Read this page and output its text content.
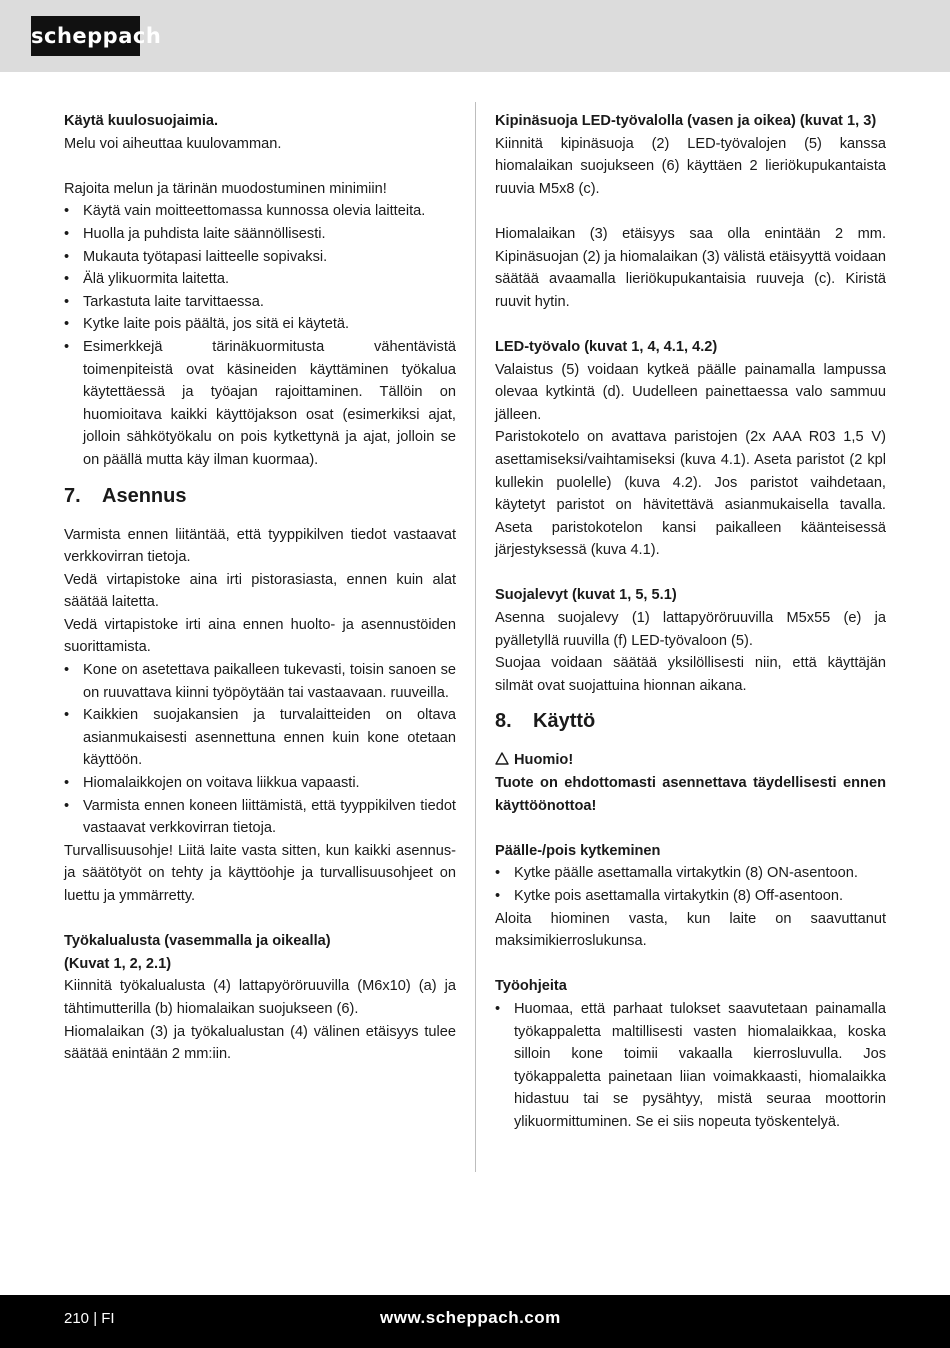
scheppach

Käytä kuulosuojaimia.

Melu voi aiheuttaa kuulovamman.

Rajoita melun ja tärinän muodostuminen minimiin!

• Käytä vain moitteettomassa kunnossa olevia laitteita.
• Huolla ja puhdista laite säännöllisesti.
• Mukauta työtapasi laitteelle sopivaksi.
• Älä ylikuormita laitetta.
• Tarkastuta laite tarvittaessa.
• Kytke laite pois päältä, jos sitä ei käytetä.
• Esimerkkejä tärinäkuormitusta vähentävistä toimenpiteistä ovat käsineiden käyttäminen työkalua käytettäessä ja työajan rajoittaminen. Tällöin on huomioitava kaikki käyttöjakson osat (esimerkiksi ajat, jolloin sähkötyökalu on pois kytkettynä ja ajat, jolloin se on päällä mutta käy ilman kuormaa).
7.	Asennus

Varmista ennen liitäntää, että tyyppikilven tiedot vastaavat verkkovirran tietoja.

Vedä virtapistoke aina irti pistorasiasta, ennen kuin alat säätää laitetta.

Vedä virtapistoke irti aina ennen huolto- ja asennustöiden suorittamista.

• Kone on asetettava paikalleen tukevasti, toisin sanoen se on ruuvattava kiinni työpöytään tai vastaavaan. ruuveilla.
• Kaikkien suojakansien ja turvalaitteiden on oltava asianmukaisesti asennettuna ennen kuin kone otetaan käyttöön.
• Hiomalaikkojen on voitava liikkua vapaasti.
• Varmista ennen koneen liittämistä, että tyyppikilven tiedot vastaavat verkkovirran tietoja.

Turvallisuusohje! Liitä laite vasta sitten, kun kaikki asennus- ja säätötyöt on tehty ja käyttöohje ja turvallisuusohjeet on luettu ja ymmärretty.

Työkalualusta (vasemmalla ja oikealla)

(Kuvat 1, 2, 2.1)

Kiinnitä työkalualusta (4) lattapyöröruuvilla (M6x10) (a) ja tähtimutterilla (b) hiomalaikan suojukseen (6).

Hiomalaikan (3) ja työkalualustan (4) välinen etäisyys tulee säätää enintään 2 mm:iin.

Kipinäsuoja LED-työvalolla (vasen ja oikea) (kuvat 1, 3)

Kiinnitä kipinäsuoja (2) LED-työvalojen (5) kanssa hiomalaikan suojukseen (6) käyttäen 2 lieriökupukantaista ruuvia M5x8 (c).

Hiomalaikan (3) etäisyys saa olla enintään 2 mm. Kipinäsuojan (2) ja hiomalaikan (3) välistä etäisyyttä voidaan säätää avaamalla lieriökupukantaisia ruuveja (c). Kiristä ruuvit hytin.

LED-työvalo (kuvat 1, 4, 4.1, 4.2)

Valaistus (5) voidaan kytkeä päälle painamalla lampussa olevaa kytkintä (d). Uudelleen painettaessa valo sammuu jälleen.

Paristokotelo on avattava paristojen (2x AAA R03 1,5 V) asettamiseksi/vaihtamiseksi (kuva 4.1). Aseta paristot (2 kpl kullekin puolelle) (kuva 4.2). Jos paristot vaihdetaan, käytetyt paristot on hävitettävä asianmukaisella tavalla. Aseta paristokotelon kansi paikalleen käänteisessä järjestyksessä (kuva 4.1).

Suojalevyt (kuvat 1, 5, 5.1)

Asenna suojalevy (1) lattapyöröruuvilla M5x55 (e) ja pyälletyllä ruuvilla (f) LED-työvaloon (5).

Suojaa voidaan säätää yksilöllisesti niin, että käyttäjän silmät ovat suojattuina hionnan aikana.

8.	Käyttö

Huomio!

Tuote on ehdottomasti asennettava täydellisesti ennen käyttöönottoa!

Päälle-/pois kytkeminen

• Kytke päälle asettamalla virtakytkin (8) ON-asentoon.
• Kytke pois asettamalla virtakytkin (8) Off-asentoon.

Aloita hiominen vasta, kun laite on saavuttanut maksimikierroslukunsa.

Työohjeita

• Huomaa, että parhaat tulokset saavutetaan painamalla työkappaletta maltillisesti vasten hiomalaikkaa, koska silloin kone toimii vakaalla kierrosluvulla. Jos työkappaletta painetaan liian voimakkaasti, hiomalaikka hidastuu tai se pysähtyy, mistä seuraa moottorin ylikuormittuminen. Se ei siis nopeuta työskentelyä.
210 | FI	www.scheppach.com
